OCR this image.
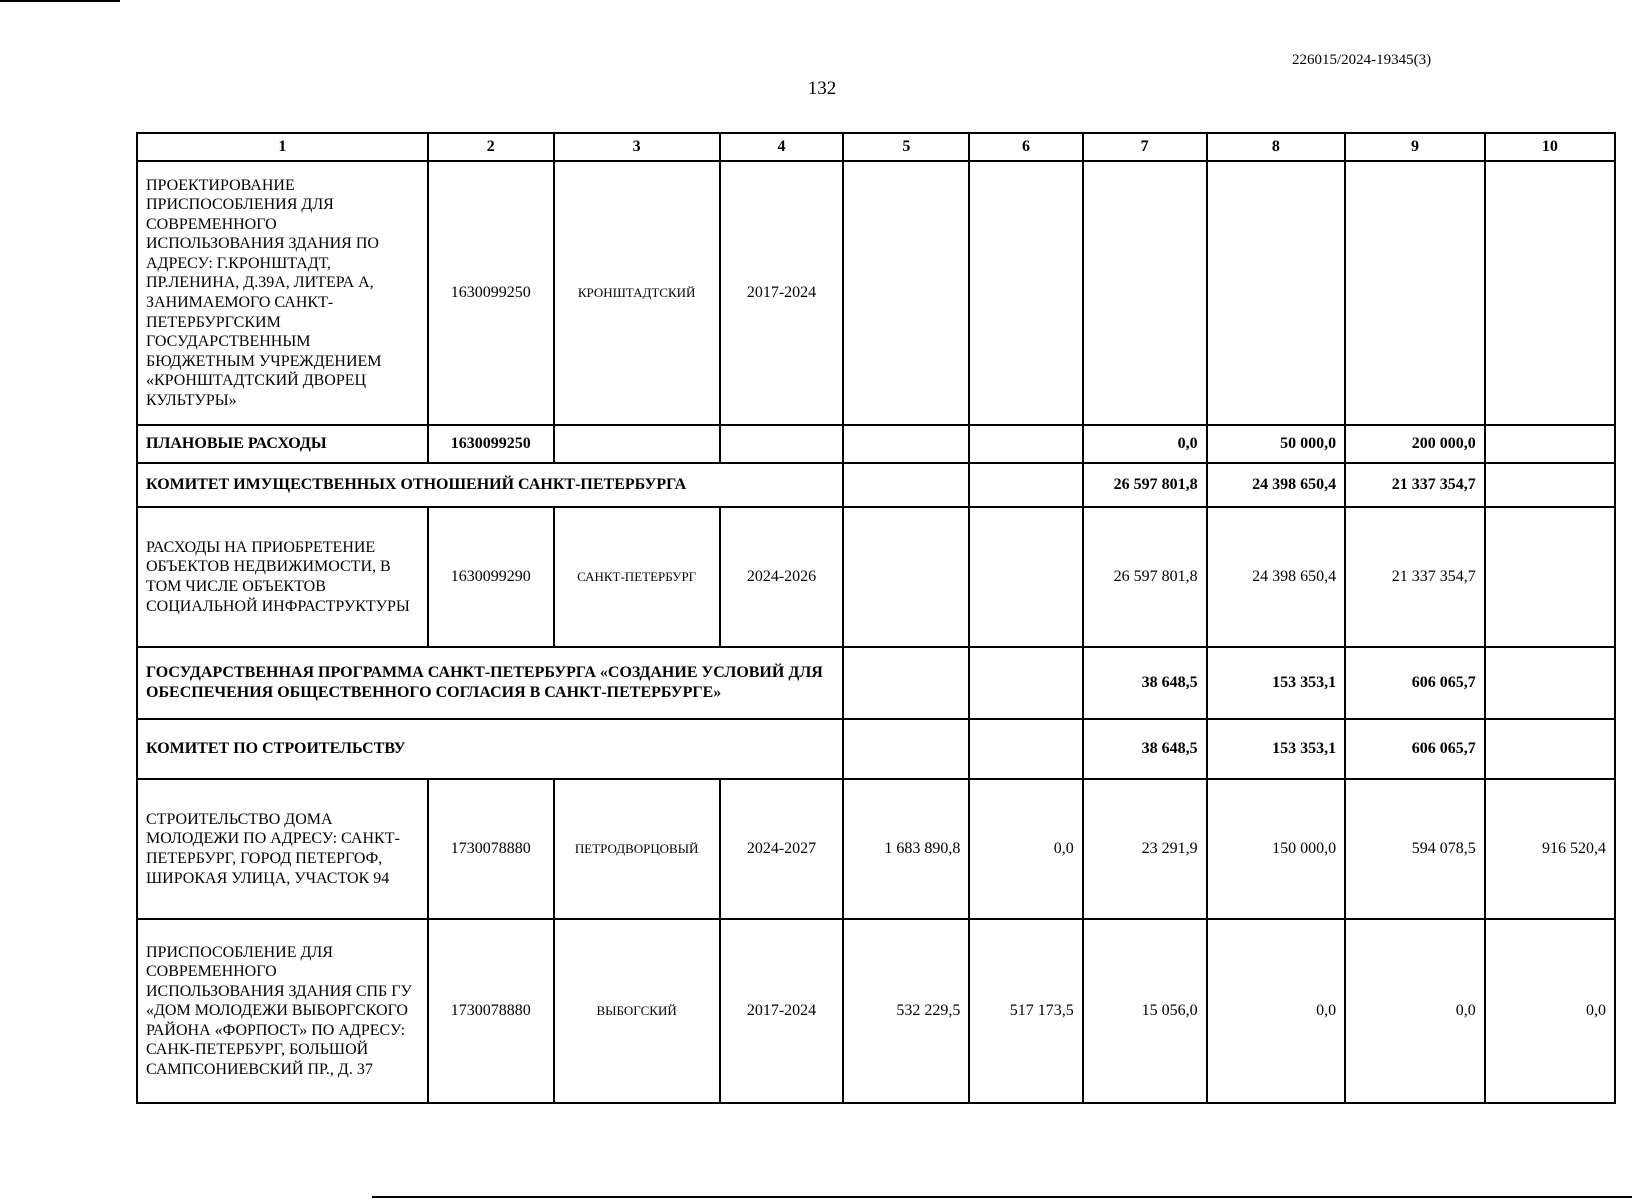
226015/2024-19345(3)
132
1	2	3	4	5	6	7	8	9	10
ПРОЕКТИРОВАНИЕ ПРИСПОСОБЛЕНИЯ ДЛЯ СОВРЕМЕННОГО ИСПОЛЬЗОВАНИЯ ЗДАНИЯ ПО АДРЕСУ: Г.КРОНШТАДТ, ПР.ЛЕНИНА, Д.39А, ЛИТЕРА А, ЗАНИМАЕМОГО САНКТ-ПЕТЕРБУРГСКИМ ГОСУДАРСТВЕННЫМ БЮДЖЕТНЫМ УЧРЕЖДЕНИЕМ «КРОНШТАДТСКИЙ ДВОРЕЦ КУЛЬТУРЫ»	1630099250	КРОНШТАДТСКИЙ	2017-2024						
ПЛАНОВЫЕ РАСХОДЫ	1630099250					0,0	50 000,0	200 000,0	
КОМИТЕТ ИМУЩЕСТВЕННЫХ ОТНОШЕНИЙ САНКТ-ПЕТЕРБУРГА						26 597 801,8	24 398 650,4	21 337 354,7	
РАСХОДЫ НА ПРИОБРЕТЕНИЕ ОБЪЕКТОВ НЕДВИЖИМОСТИ, В ТОМ ЧИСЛЕ ОБЪЕКТОВ СОЦИАЛЬНОЙ ИНФРАСТРУКТУРЫ	1630099290	САНКТ-ПЕТЕРБУРГ	2024-2026			26 597 801,8	24 398 650,4	21 337 354,7	
ГОСУДАРСТВЕННАЯ ПРОГРАММА САНКТ-ПЕТЕРБУРГА «СОЗДАНИЕ УСЛОВИЙ ДЛЯ ОБЕСПЕЧЕНИЯ ОБЩЕСТВЕННОГО СОГЛАСИЯ В САНКТ-ПЕТЕРБУРГЕ»						38 648,5	153 353,1	606 065,7	
КОМИТЕТ ПО СТРОИТЕЛЬСТВУ						38 648,5	153 353,1	606 065,7	
СТРОИТЕЛЬСТВО ДОМА МОЛОДЕЖИ ПО АДРЕСУ: САНКТ-ПЕТЕРБУРГ, ГОРОД ПЕТЕРГОФ, ШИРОКАЯ УЛИЦА, УЧАСТОК 94	1730078880	ПЕТРОДВОРЦОВЫЙ	2024-2027	1 683 890,8	0,0	23 291,9	150 000,0	594 078,5	916 520,4
ПРИСПОСОБЛЕНИЕ ДЛЯ СОВРЕМЕННОГО ИСПОЛЬЗОВАНИЯ ЗДАНИЯ СПБ ГУ «ДОМ МОЛОДЕЖИ ВЫБОРГСКОГО РАЙОНА «ФОРПОСТ» ПО АДРЕСУ: САНК-ПЕТЕРБУРГ, БОЛЬШОЙ САМПСОНИЕВСКИЙ ПР., Д. 37	1730078880	ВЫБОГСКИЙ	2017-2024	532 229,5	517 173,5	15 056,0	0,0	0,0	0,0
